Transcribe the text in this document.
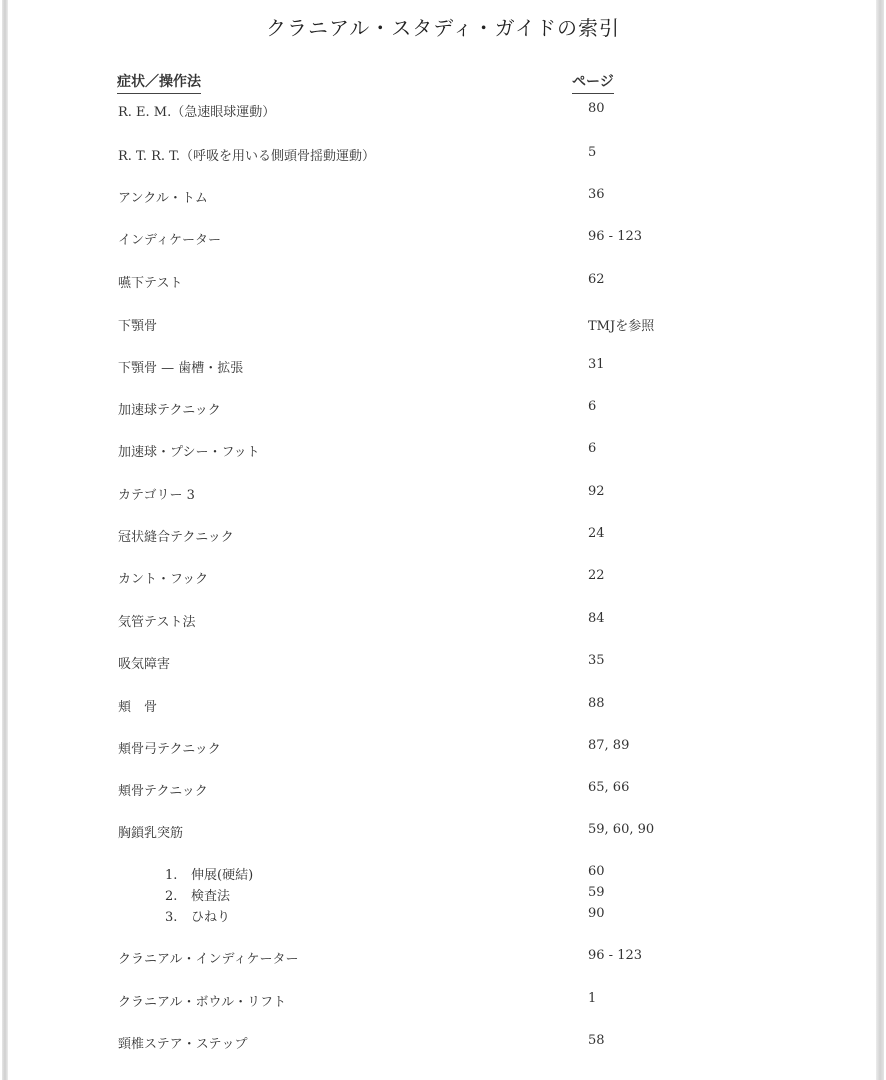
クラニアル・スタディ・ガイドの索引
症状／操作法	ページ
R. E. M.（急速眼球運動）	80
R. T. R. T.（呼吸を用いる側頭骨揺動運動）	5
アンクル・トム	36
インディケーター	96 - 123
嚥下テスト	62
下顎骨	TMJを参照
下顎骨 — 歯槽・拡張	31
加速球テクニック	6
加速球・プシー・フット	6
カテゴリー 3	92
冠状縫合テクニック	24
カント・フック	22
気管テスト法	84
吸気障害	35
頬　骨	88
頬骨弓テクニック	87, 89
頬骨テクニック	65, 66
胸鎖乳突筋	59, 60, 90
1. 伸展(硬結)	60
2. 検査法	59
3. ひねり	90
クラニアル・インディケーター	96 - 123
クラニアル・ボウル・リフト	1
頸椎ステア・ステップ	58
